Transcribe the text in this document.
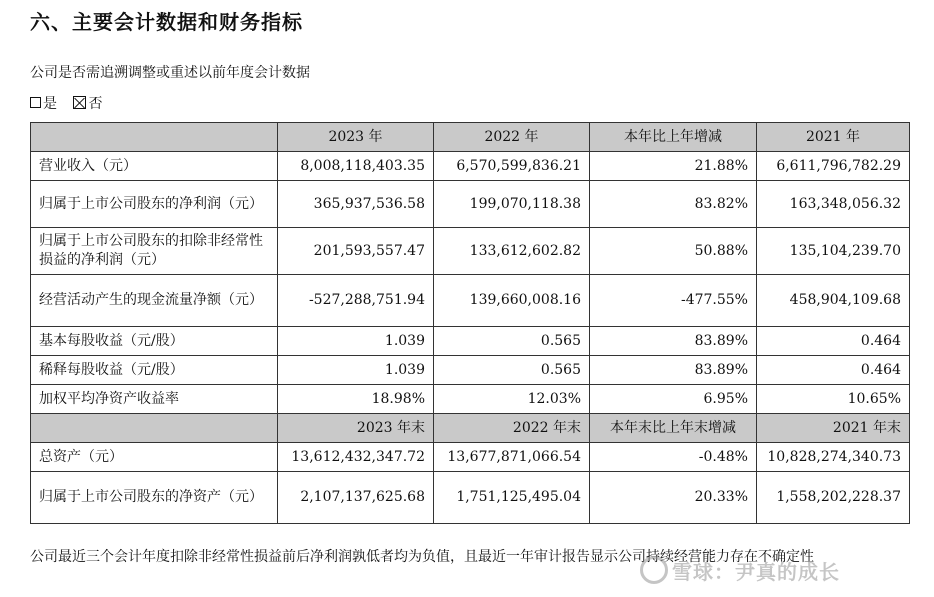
六、主要会计数据和财务指标
公司是否需追溯调整或重述以前年度会计数据
是 否
	2023 年	2022 年	本年比上年增减	2021 年
营业收入（元）	8,008,118,403.35	6,570,599,836.21	21.88%	6,611,796,782.29
归属于上市公司股东的净利润（元）	365,937,536.58	199,070,118.38	83.82%	163,348,056.32
归属于上市公司股东的扣除非经常性损益的净利润（元）	201,593,557.47	133,612,602.82	50.88%	135,104,239.70
经营活动产生的现金流量净额（元）	-527,288,751.94	139,660,008.16	-477.55%	458,904,109.68
基本每股收益（元/股）	1.039	0.565	83.89%	0.464
稀释每股收益（元/股）	1.039	0.565	83.89%	0.464
加权平均净资产收益率	18.98%	12.03%	6.95%	10.65%
	2023 年末	2022 年末	本年末比上年末增减	2021 年末
总资产（元）	13,612,432,347.72	13,677,871,066.54	-0.48%	10,828,274,340.73
归属于上市公司股东的净资产（元）	2,107,137,625.68	1,751,125,495.04	20.33%	1,558,202,228.37
公司最近三个会计年度扣除非经常性损益前后净利润孰低者均为负值，且最近一年审计报告显示公司持续经营能力存在不确定性
雪球：尹真的成长
